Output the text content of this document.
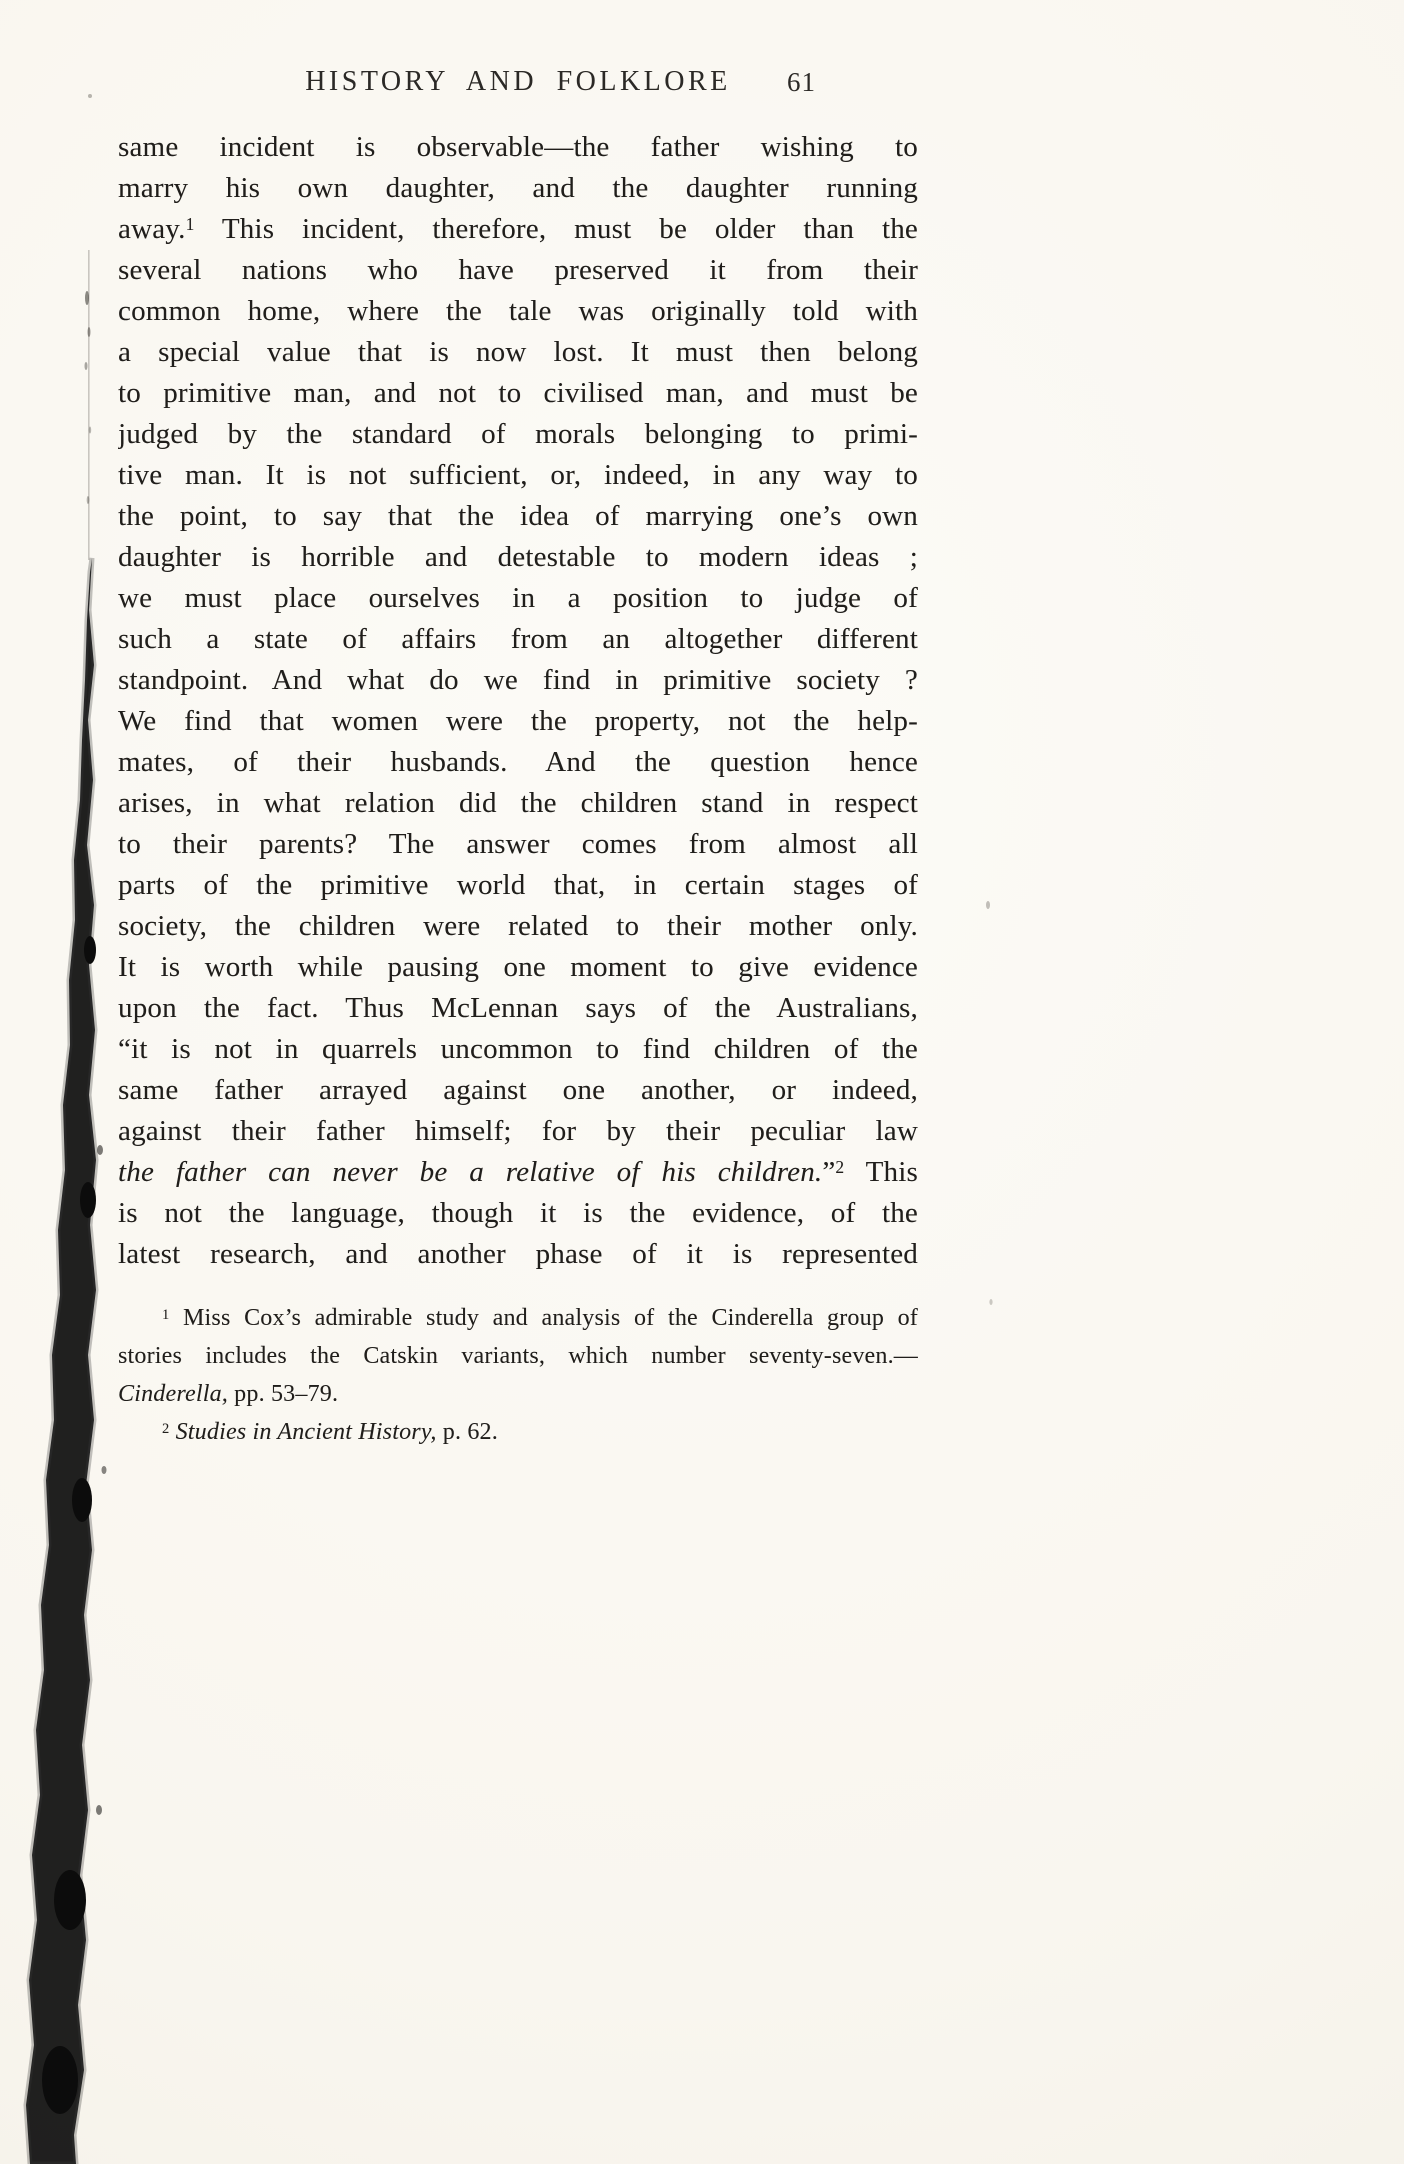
HISTORY AND FOLKLORE	61
same incident is observable—the father wishing to
marry his own daughter, and the daughter running
away.$^1$ This incident, therefore, must be older than the
several nations who have preserved it from their
common home, where the tale was originally told with
a special value that is now lost. It must then belong
to primitive man, and not to civilised man, and must be
judged by the standard of morals belonging to primi-
tive man. It is not sufficient, or, indeed, in any way to
the point, to say that the idea of marrying one’s own
daughter is horrible and detestable to modern ideas ;
we must place ourselves in a position to judge of
such a state of affairs from an altogether different
standpoint. And what do we find in primitive society ?
We find that women were the property, not the help-
mates, of their husbands. And the question hence
arises, in what relation did the children stand in respect
to their parents? The answer comes from almost all
parts of the primitive world that, in certain stages of
society, the children were related to their mother only.
It is worth while pausing one moment to give evidence
upon the fact. Thus McLennan says of the Australians,
“it is not in quarrels uncommon to find children of the
same father arrayed against one another, or indeed,
against their father himself; for by their peculiar law
the father can never be a relative of his children.”$^2$ This
is not the language, though it is the evidence, of the
latest research, and another phase of it is represented
$^1$ Miss Cox’s admirable study and analysis of the Cinderella group of
stories includes the Catskin variants, which number seventy-seven.—
Cinderella, pp. 53–79.
$^2$ Studies in Ancient History, p. 62.
